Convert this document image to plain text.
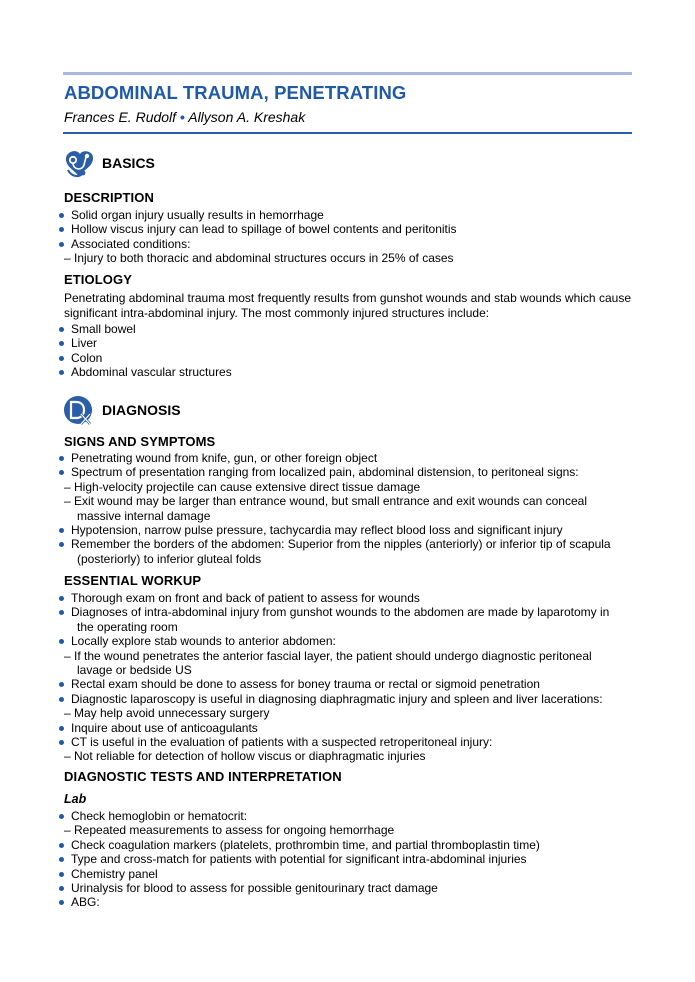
ABDOMINAL TRAUMA, PENETRATING
Frances E. Rudolf • Allyson A. Kreshak
BASICS
DESCRIPTION
Solid organ injury usually results in hemorrhage
Hollow viscus injury can lead to spillage of bowel contents and peritonitis
Associated conditions:
– Injury to both thoracic and abdominal structures occurs in 25% of cases
ETIOLOGY
Penetrating abdominal trauma most frequently results from gunshot wounds and stab wounds which cause significant intra-abdominal injury. The most commonly injured structures include:
Small bowel
Liver
Colon
Abdominal vascular structures
DIAGNOSIS
SIGNS AND SYMPTOMS
Penetrating wound from knife, gun, or other foreign object
Spectrum of presentation ranging from localized pain, abdominal distension, to peritoneal signs:
– High-velocity projectile can cause extensive direct tissue damage
– Exit wound may be larger than entrance wound, but small entrance and exit wounds can conceal
massive internal damage
Hypotension, narrow pulse pressure, tachycardia may reflect blood loss and significant injury
Remember the borders of the abdomen: Superior from the nipples (anteriorly) or inferior tip of scapula
(posteriorly) to inferior gluteal folds
ESSENTIAL WORKUP
Thorough exam on front and back of patient to assess for wounds
Diagnoses of intra-abdominal injury from gunshot wounds to the abdomen are made by laparotomy in
the operating room
Locally explore stab wounds to anterior abdomen:
– If the wound penetrates the anterior fascial layer, the patient should undergo diagnostic peritoneal
lavage or bedside US
Rectal exam should be done to assess for boney trauma or rectal or sigmoid penetration
Diagnostic laparoscopy is useful in diagnosing diaphragmatic injury and spleen and liver lacerations:
– May help avoid unnecessary surgery
Inquire about use of anticoagulants
CT is useful in the evaluation of patients with a suspected retroperitoneal injury:
– Not reliable for detection of hollow viscus or diaphragmatic injuries
DIAGNOSTIC TESTS AND INTERPRETATION
Lab
Check hemoglobin or hematocrit:
– Repeated measurements to assess for ongoing hemorrhage
Check coagulation markers (platelets, prothrombin time, and partial thromboplastin time)
Type and cross-match for patients with potential for significant intra-abdominal injuries
Chemistry panel
Urinalysis for blood to assess for possible genitourinary tract damage
ABG:
